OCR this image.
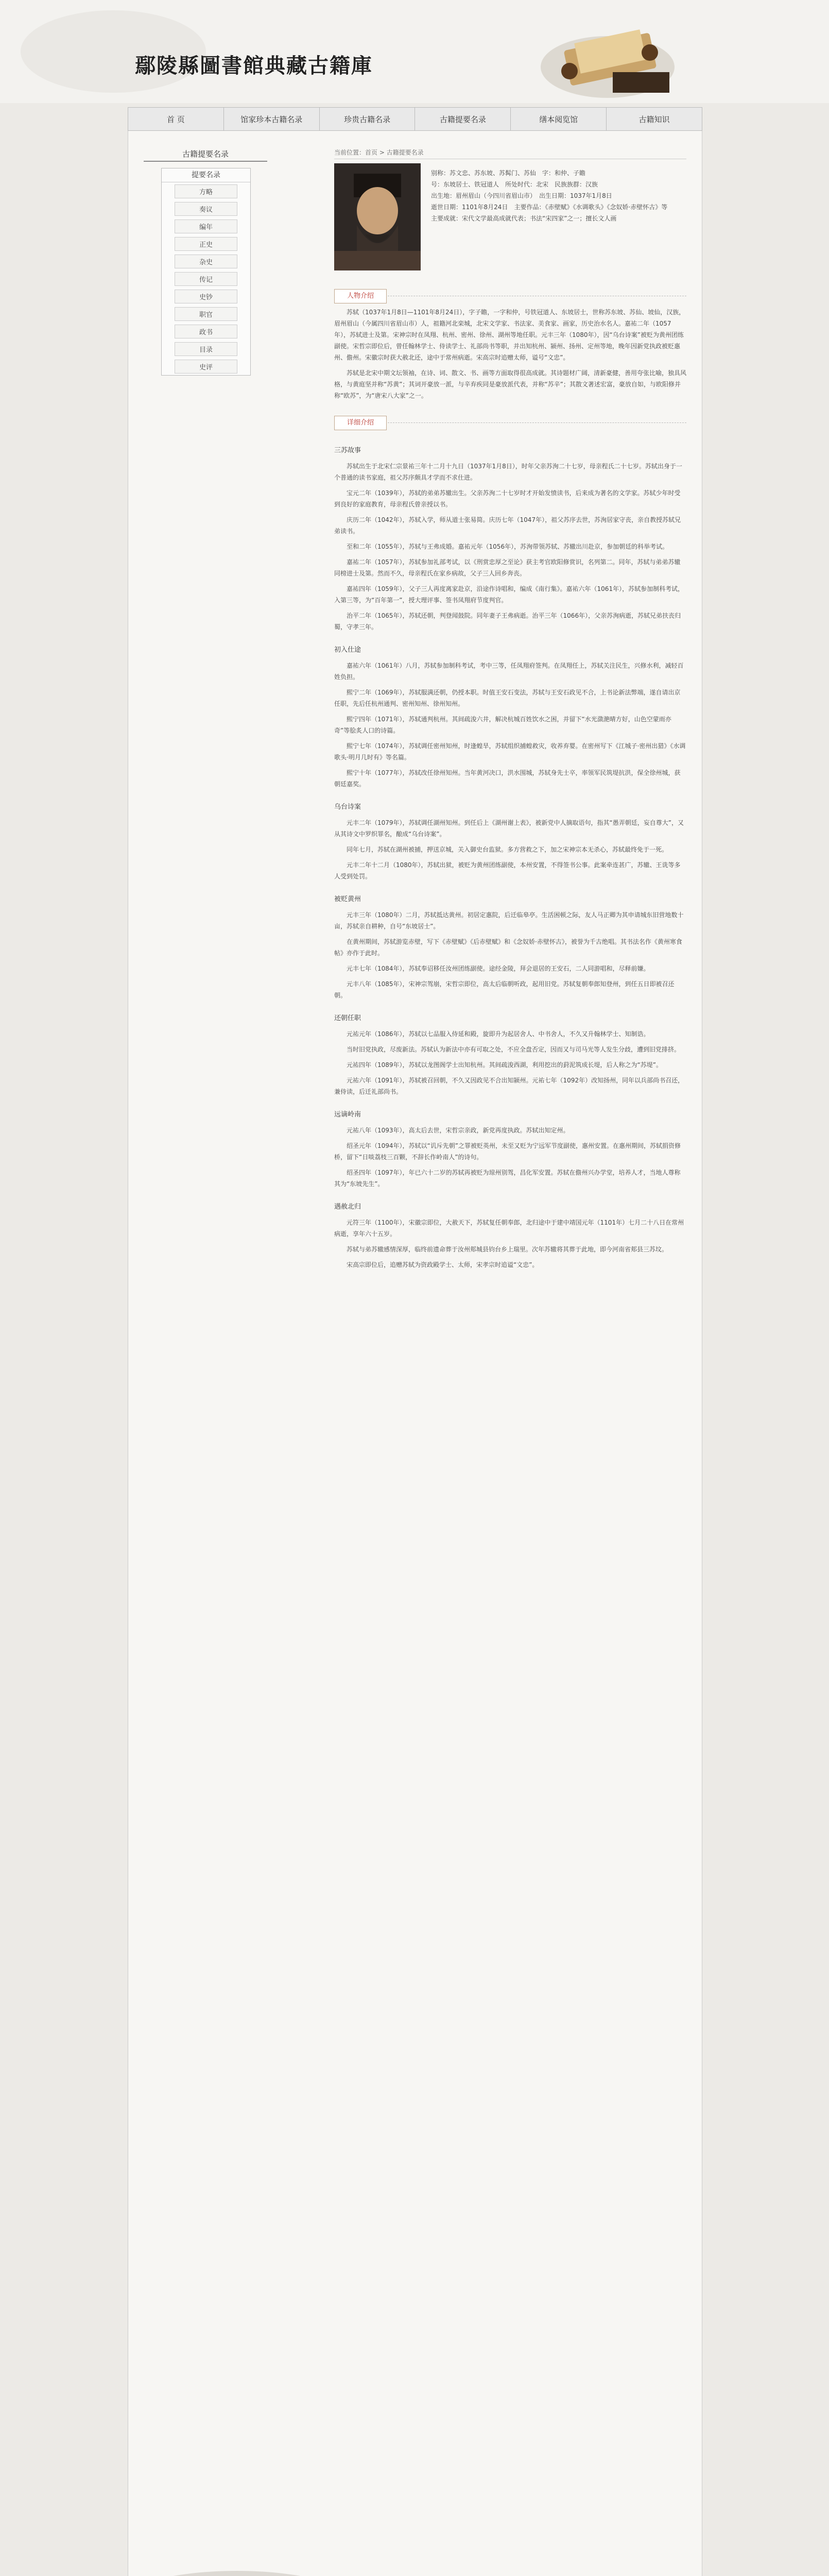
鄢陵縣圖書館典藏古籍庫
首 页	馆家珍本古籍名录	珍贵古籍名录	古籍提要名录	缮本阅览馆	古籍知识
古籍提要名录
提要名录
方略
奏议
编年
正史
杂史
传记
史钞
职官
政书
目录
史评
当前位置：首页 > 古籍提要名录
别称：苏文忠、苏东坡、苏髯门、苏仙　字：和仲、子瞻
号：东坡居士、铁冠道人　所处时代：北宋　民族族群：汉族
出生地：眉州眉山（今四川省眉山市）　出生日期：1037年1月8日
逝世日期：1101年8月24日　主要作品：《赤壁赋》《水调歌头》《念奴娇·赤壁怀古》等
主要成就：宋代文学最高成就代表；书法“宋四家”之一；擅长文人画
人物介绍

苏轼（1037年1月8日—1101年8月24日），字子瞻，一字和仲，号铁冠道人、东坡居士，世称苏东坡、苏仙、坡仙，汉族，眉州眉山（今属四川省眉山市）人，祖籍河北栾城，北宋文学家、书法家、美食家、画家，历史治水名人。嘉祐二年（1057年），苏轼进士及第。宋神宗时在凤翔、杭州、密州、徐州、湖州等地任职。元丰三年（1080年），因“乌台诗案”被贬为黄州团练副使。宋哲宗即位后，曾任翰林学士、侍读学士、礼部尚书等职，并出知杭州、颍州、扬州、定州等地，晚年因新党执政被贬惠州、儋州。宋徽宗时获大赦北还，途中于常州病逝。宋高宗时追赠太师，谥号“文忠”。

苏轼是北宋中期文坛领袖，在诗、词、散文、书、画等方面取得很高成就。其诗题材广阔，清新豪健，善用夸张比喻，独具风格，与黄庭坚并称“苏黄”；其词开豪放一派，与辛弃疾同是豪放派代表，并称“苏辛”；其散文著述宏富，豪放自如，与欧阳修并称“欧苏”，为“唐宋八大家”之一。

详细介绍
三苏故事

苏轼出生于北宋仁宗景祐三年十二月十九日（1037年1月8日），时年父亲苏洵二十七岁，母亲程氏二十七岁。苏轼出身于一个普通的读书家庭，祖父苏序颇具才学而不求仕进。

宝元二年（1039年），苏轼的弟弟苏辙出生。父亲苏洵二十七岁时才开始发愤读书，后来成为著名的文学家。苏轼少年时受到良好的家庭教育，母亲程氏曾亲授以书。

庆历二年（1042年），苏轼入学，师从道士张易简。庆历七年（1047年），祖父苏序去世，苏洵居家守丧，亲自教授苏轼兄弟读书。

至和二年（1055年），苏轼与王弗成婚。嘉祐元年（1056年），苏洵带领苏轼、苏辙出川赴京，参加朝廷的科举考试。

嘉祐二年（1057年），苏轼参加礼部考试，以《刑赏忠厚之至论》获主考官欧阳修赏识，名列第二。同年，苏轼与弟弟苏辙同榜进士及第。然而不久，母亲程氏在家乡病故，父子三人回乡奔丧。

嘉祐四年（1059年），父子三人再度离家赴京，沿途作诗唱和，编成《南行集》。嘉祐六年（1061年），苏轼参加制科考试，入第三等，为“百年第一”，授大理评事、签书凤翔府节度判官。

治平二年（1065年），苏轼还朝，判登闻鼓院。同年妻子王弗病逝。治平三年（1066年），父亲苏洵病逝，苏轼兄弟扶丧归蜀，守孝三年。

初入仕途

嘉祐六年（1061年）八月，苏轼参加制科考试，考中三等，任凤翔府签判。在凤翔任上，苏轼关注民生，兴修水利，减轻百姓负担。

熙宁二年（1069年），苏轼服满还朝，仍授本职。时值王安石变法，苏轼与王安石政见不合，上书论新法弊端，遂自请出京任职，先后任杭州通判、密州知州、徐州知州。

熙宁四年（1071年），苏轼通判杭州。其间疏浚六井，解决杭城百姓饮水之困，并留下“水光潋滟晴方好，山色空蒙雨亦奇”等脍炙人口的诗篇。

熙宁七年（1074年），苏轼调任密州知州，时逢蝗旱，苏轼组织捕蝗救灾，收养弃婴。在密州写下《江城子·密州出猎》《水调歌头·明月几时有》等名篇。

熙宁十年（1077年），苏轼改任徐州知州。当年黄河决口，洪水围城，苏轼身先士卒，率领军民筑堤抗洪，保全徐州城，获朝廷嘉奖。

乌台诗案

元丰二年（1079年），苏轼调任湖州知州。到任后上《湖州谢上表》，被新党中人摘取语句，指其“愚弄朝廷，妄自尊大”，又从其诗文中罗织罪名，酿成“乌台诗案”。

同年七月，苏轼在湖州被捕，押送京城，关入御史台监狱。多方营救之下，加之宋神宗本无杀心，苏轼最终免于一死。

元丰二年十二月（1080年），苏轼出狱，被贬为黄州团练副使，本州安置，不得签书公事。此案牵连甚广，苏辙、王诜等多人受到处罚。

被贬黄州

元丰三年（1080年）二月，苏轼抵达黄州。初居定惠院，后迁临皋亭。生活困顿之际，友人马正卿为其申请城东旧营地数十亩，苏轼亲自耕种，自号“东坡居士”。

在黄州期间，苏轼游览赤壁，写下《赤壁赋》《后赤壁赋》和《念奴娇·赤壁怀古》，被誉为千古绝唱。其书法名作《黄州寒食帖》亦作于此时。

元丰七年（1084年），苏轼奉诏移任汝州团练副使。途经金陵，拜会退居的王安石，二人同游唱和，尽释前嫌。

元丰八年（1085年），宋神宗驾崩，宋哲宗即位，高太后临朝听政，起用旧党。苏轼复朝奉郎知登州，到任五日即被召还朝。

还朝任职

元祐元年（1086年），苏轼以七品服入侍延和殿，旋即升为起居舍人、中书舍人，不久又升翰林学士、知制诰。

当时旧党执政，尽废新法。苏轼认为新法中亦有可取之处，不应全盘否定，因而又与司马光等人发生分歧，遭到旧党排挤。

元祐四年（1089年），苏轼以龙图阁学士出知杭州。其间疏浚西湖，利用挖出的葑泥筑成长堤，后人称之为“苏堤”。

元祐六年（1091年），苏轼被召回朝，不久又因政见不合出知颍州。元祐七年（1092年）改知扬州，同年以兵部尚书召还，兼侍读，后迁礼部尚书。

远谪岭南

元祐八年（1093年），高太后去世，宋哲宗亲政，新党再度执政。苏轼出知定州。

绍圣元年（1094年），苏轼以“讥斥先朝”之罪被贬英州，未至又贬为宁远军节度副使，惠州安置。在惠州期间，苏轼捐资修桥，留下“日啖荔枝三百颗，不辞长作岭南人”的诗句。

绍圣四年（1097年），年已六十二岁的苏轼再被贬为琼州别驾，昌化军安置。苏轼在儋州兴办学堂，培养人才，当地人尊称其为“东坡先生”。

遇赦北归

元符三年（1100年），宋徽宗即位，大赦天下，苏轼复任朝奉郎，北归途中于建中靖国元年（1101年）七月二十八日在常州病逝，享年六十五岁。

苏轼与弟苏辙感情深厚，临终前遗命葬于汝州郏城县钧台乡上瑞里。次年苏辙将其葬于此地，即今河南省郏县三苏坟。

宋高宗即位后，追赠苏轼为资政殿学士、太师，宋孝宗时追谥“文忠”。
